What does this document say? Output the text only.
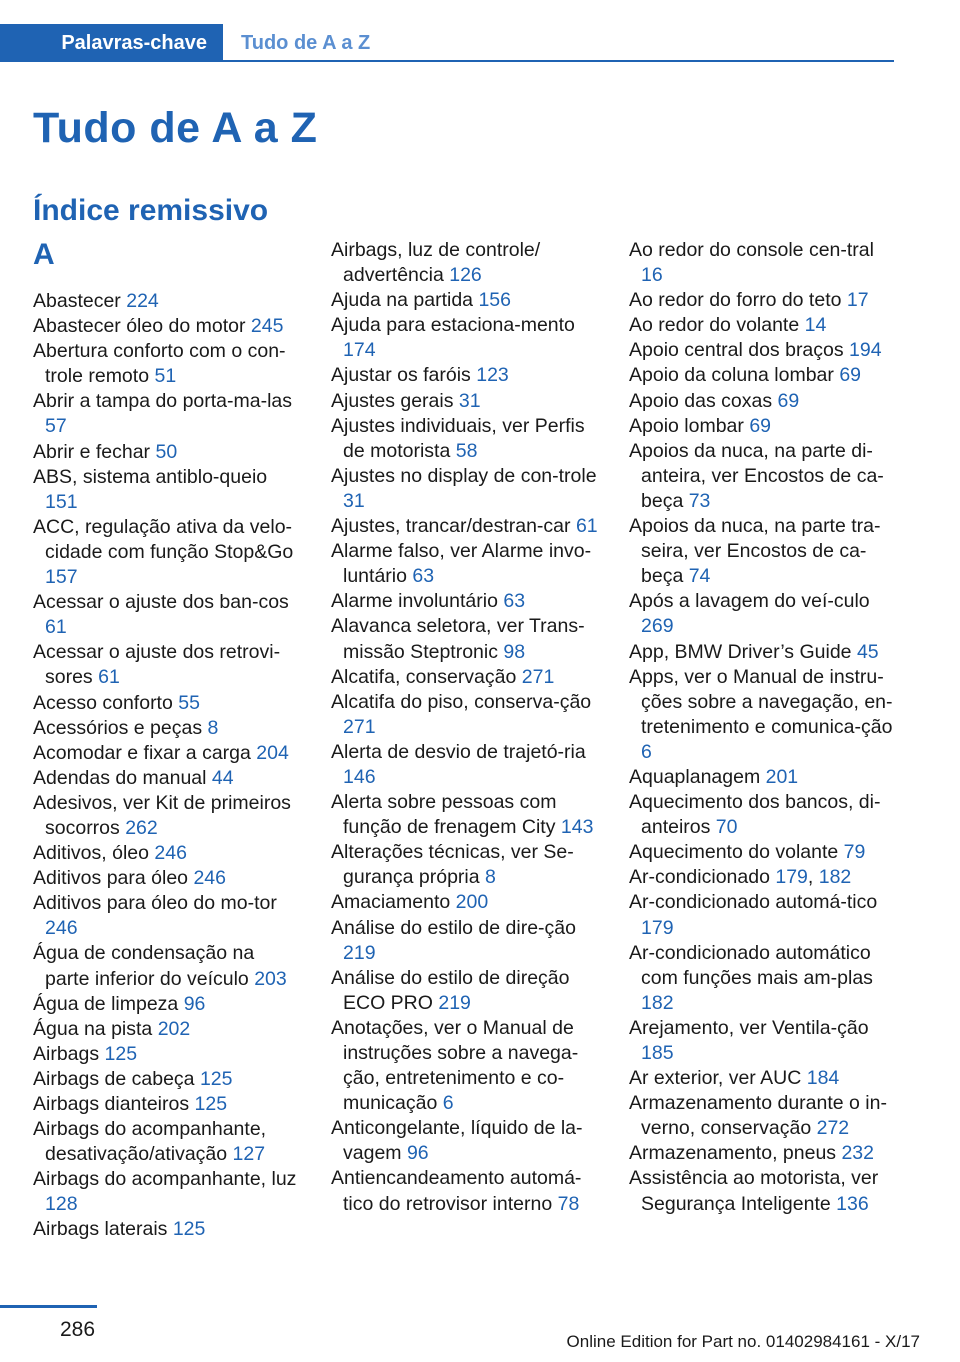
Palavras-chave	Tudo de A a Z
Tudo de A a Z
Índice remissivo
A
Abastecer 224
Abastecer óleo do motor 245
Abertura conforto com o con-trole remoto 51
Abrir a tampa do porta-ma-las 57
Abrir e fechar 50
ABS, sistema antiblo-queio 151
ACC, regulação ativa da velo-cidade com função Stop&Go 157
Acessar o ajuste dos ban-cos 61
Acessar o ajuste dos retrovi-sores 61
Acesso conforto 55
Acessórios e peças 8
Acomodar e fixar a carga 204
Adendas do manual 44
Adesivos, ver Kit de primeiros socorros 262
Aditivos, óleo 246
Aditivos para óleo 246
Aditivos para óleo do mo-tor 246
Água de condensação na parte inferior do veículo 203
Água de limpeza 96
Água na pista 202
Airbags 125
Airbags de cabeça 125
Airbags dianteiros 125
Airbags do acompanhante, desativação/ativação 127
Airbags do acompanhante, luz 128
Airbags laterais 125
Airbags, luz de controle/ advertência 126
Ajuda na partida 156
Ajuda para estaciona-mento 174
Ajustar os faróis 123
Ajustes gerais 31
Ajustes individuais, ver Perfis de motorista 58
Ajustes no display de con-trole 31
Ajustes, trancar/destran-car 61
Alarme falso, ver Alarme invo-luntário 63
Alarme involuntário 63
Alavanca seletora, ver Trans-missão Steptronic 98
Alcatifa, conservação 271
Alcatifa do piso, conserva-ção 271
Alerta de desvio de trajetó-ria 146
Alerta sobre pessoas com função de frenagem City 143
Alterações técnicas, ver Se-gurança própria 8
Amaciamento 200
Análise do estilo de dire-ção 219
Análise do estilo de direção ECO PRO 219
Anotações, ver o Manual de instruções sobre a navega-ção, entretenimento e co-municação 6
Anticongelante, líquido de la-vagem 96
Antiencandeamento automá-tico do retrovisor interno 78
Ao redor do console cen-tral 16
Ao redor do forro do teto 17
Ao redor do volante 14
Apoio central dos braços 194
Apoio da coluna lombar 69
Apoio das coxas 69
Apoio lombar 69
Apoios da nuca, na parte di-anteira, ver Encostos de ca-beça 73
Apoios da nuca, na parte tra-seira, ver Encostos de ca-beça 74
Após a lavagem do veí-culo 269
App, BMW Driver’s Guide 45
Apps, ver o Manual de instru-ções sobre a navegação, en-tretenimento e comunica-ção 6
Aquaplanagem 201
Aquecimento dos bancos, di-anteiros 70
Aquecimento do volante 79
Ar-condicionado 179, 182
Ar-condicionado automá-tico 179
Ar-condicionado automático com funções mais am-plas 182
Arejamento, ver Ventila-ção 185
Ar exterior, ver AUC 184
Armazenamento durante o in-verno, conservação 272
Armazenamento, pneus 232
Assistência ao motorista, ver Segurança Inteligente 136
286
Online Edition for Part no. 01402984161 - X/17
